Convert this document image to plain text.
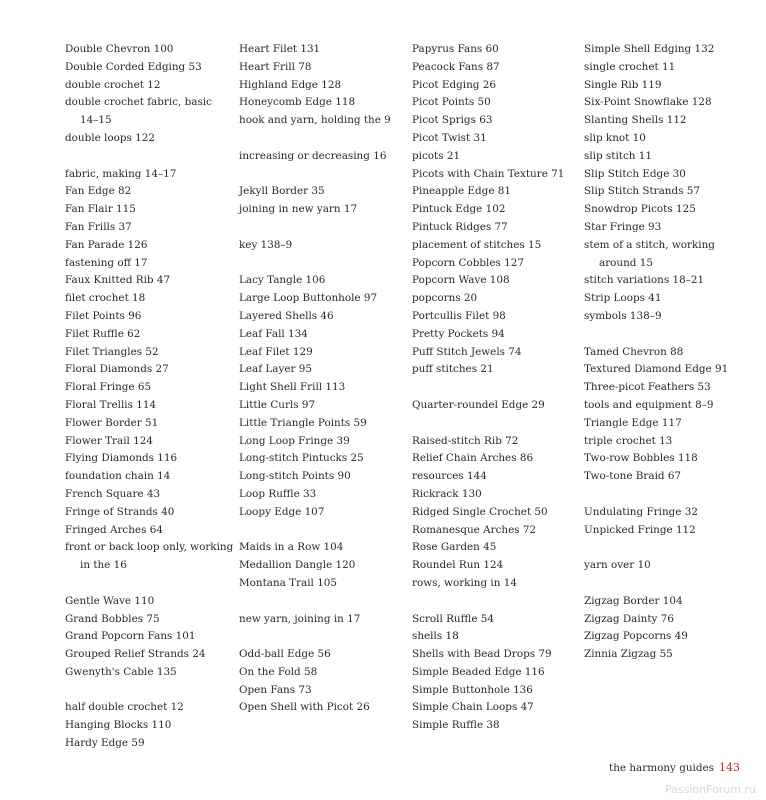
Double Chevron 100
Double Corded Edging 53
double crochet 12
double crochet fabric, basic
14–15
double loops 122
fabric, making 14–17
Fan Edge 82
Fan Flair 115
Fan Frills 37
Fan Parade 126
fastening off 17
Faux Knitted Rib 47
filet crochet 18
Filet Points 96
Filet Ruffle 62
Filet Triangles 52
Floral Diamonds 27
Floral Fringe 65
Floral Trellis 114
Flower Border 51
Flower Trail 124
Flying Diamonds 116
foundation chain 14
French Square 43
Fringe of Strands 40
Fringed Arches 64
front or back loop only, working
in the 16
Gentle Wave 110
Grand Bobbles 75
Grand Popcorn Fans 101
Grouped Relief Strands 24
Gwenyth's Cable 135
half double crochet 12
Hanging Blocks 110
Hardy Edge 59
Heart Filet 131
Heart Frill 78
Highland Edge 128
Honeycomb Edge 118
hook and yarn, holding the 9
increasing or decreasing 16
Jekyll Border 35
joining in new yarn 17
key 138–9
Lacy Tangle 106
Large Loop Buttonhole 97
Layered Shells 46
Leaf Fall 134
Leaf Filet 129
Leaf Layer 95
Light Shell Frill 113
Little Curls 97
Little Triangle Points 59
Long Loop Fringe 39
Long-stitch Pintucks 25
Long-stitch Points 90
Loop Ruffle 33
Loopy Edge 107
Maids in a Row 104
Medallion Dangle 120
Montana Trail 105
new yarn, joining in 17
Odd-ball Edge 56
On the Fold 58
Open Fans 73
Open Shell with Picot 26
Papyrus Fans 60
Peacock Fans 87
Picot Edging 26
Picot Points 50
Picot Sprigs 63
Picot Twist 31
picots 21
Picots with Chain Texture 71
Pineapple Edge 81
Pintuck Edge 102
Pintuck Ridges 77
placement of stitches 15
Popcorn Cobbles 127
Popcorn Wave 108
popcorns 20
Portcullis Filet 98
Pretty Pockets 94
Puff Stitch Jewels 74
puff stitches 21
Quarter-roundel Edge 29
Raised-stitch Rib 72
Relief Chain Arches 86
resources 144
Rickrack 130
Ridged Single Crochet 50
Romanesque Arches 72
Rose Garden 45
Roundel Run 124
rows, working in 14
Scroll Ruffle 54
shells 18
Shells with Bead Drops 79
Simple Beaded Edge 116
Simple Buttonhole 136
Simple Chain Loops 47
Simple Ruffle 38
Simple Shell Edging 132
single crochet 11
Single Rib 119
Six-Point Snowflake 128
Slanting Shells 112
slip knot 10
slip stitch 11
Slip Stitch Edge 30
Slip Stitch Strands 57
Snowdrop Picots 125
Star Fringe 93
stem of a stitch, working
around 15
stitch variations 18–21
Strip Loops 41
symbols 138–9
Tamed Chevron 88
Textured Diamond Edge 91
Three-picot Feathers 53
tools and equipment 8–9
Triangle Edge 117
triple crochet 13
Two-row Bobbles 118
Two-tone Braid 67
Undulating Fringe 32
Unpicked Fringe 112
yarn over 10
Zigzag Border 104
Zigzag Dainty 76
Zigzag Popcorns 49
Zinnia Zigzag 55
the harmony guides 143
PassionForum.ru
